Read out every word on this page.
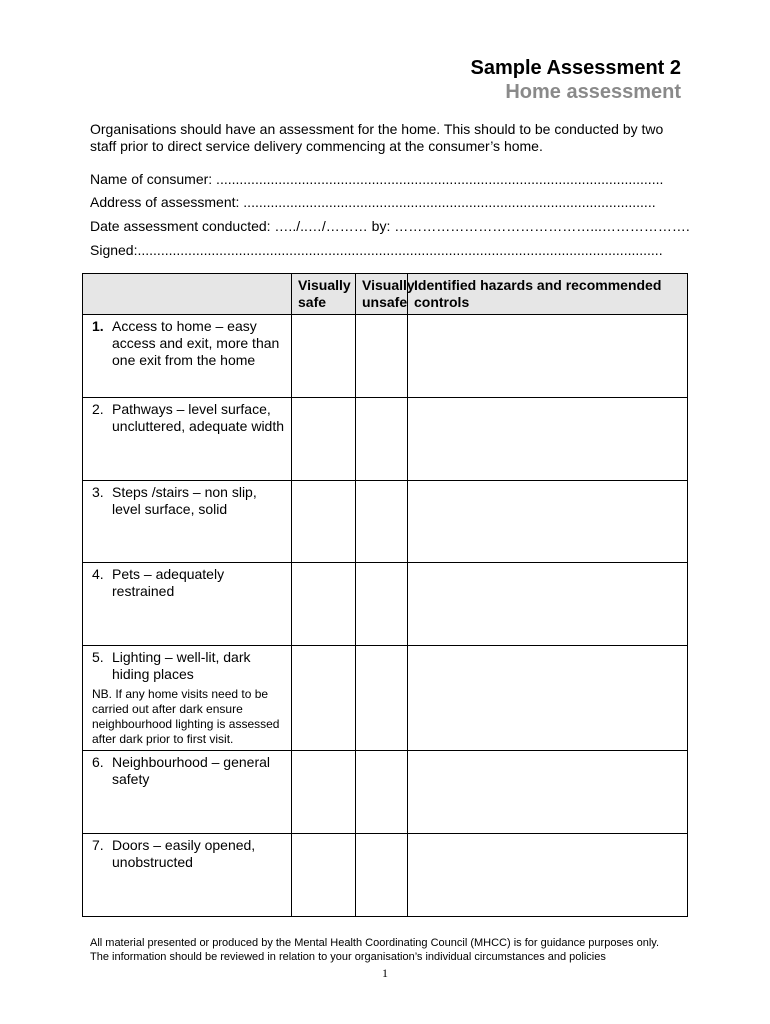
Sample Assessment 2
Home assessment
Organisations should have an assessment for the home. This should to be conducted by two staff prior to direct service delivery commencing at the consumer’s home.
Name of consumer: ...................................................................................................................
Address of assessment: ..........................................................................................................
Date assessment conducted: …../..…/……… by: ……………………………………...……………….
Signed:.......................................................................................................................................
	Visually safe	Visually unsafe	Identified hazards and recommended controls

1. Access to home – easy access and exit, more than one exit from the home			

2. Pathways – level surface, uncluttered, adequate width			

3. Steps /stairs – non slip, level surface, solid			

4. Pets – adequately restrained			

5. Lighting – well-lit, dark hiding places
NB. If any home visits need to be carried out after dark ensure neighbourhood lighting is assessed after dark prior to first visit.			

6. Neighbourhood – general safety			

7. Doors – easily opened, unobstructed			

All material presented or produced by the Mental Health Coordinating Council (MHCC) is for guidance purposes only.
The information should be reviewed in relation to your organisation’s individual circumstances and policies
1
